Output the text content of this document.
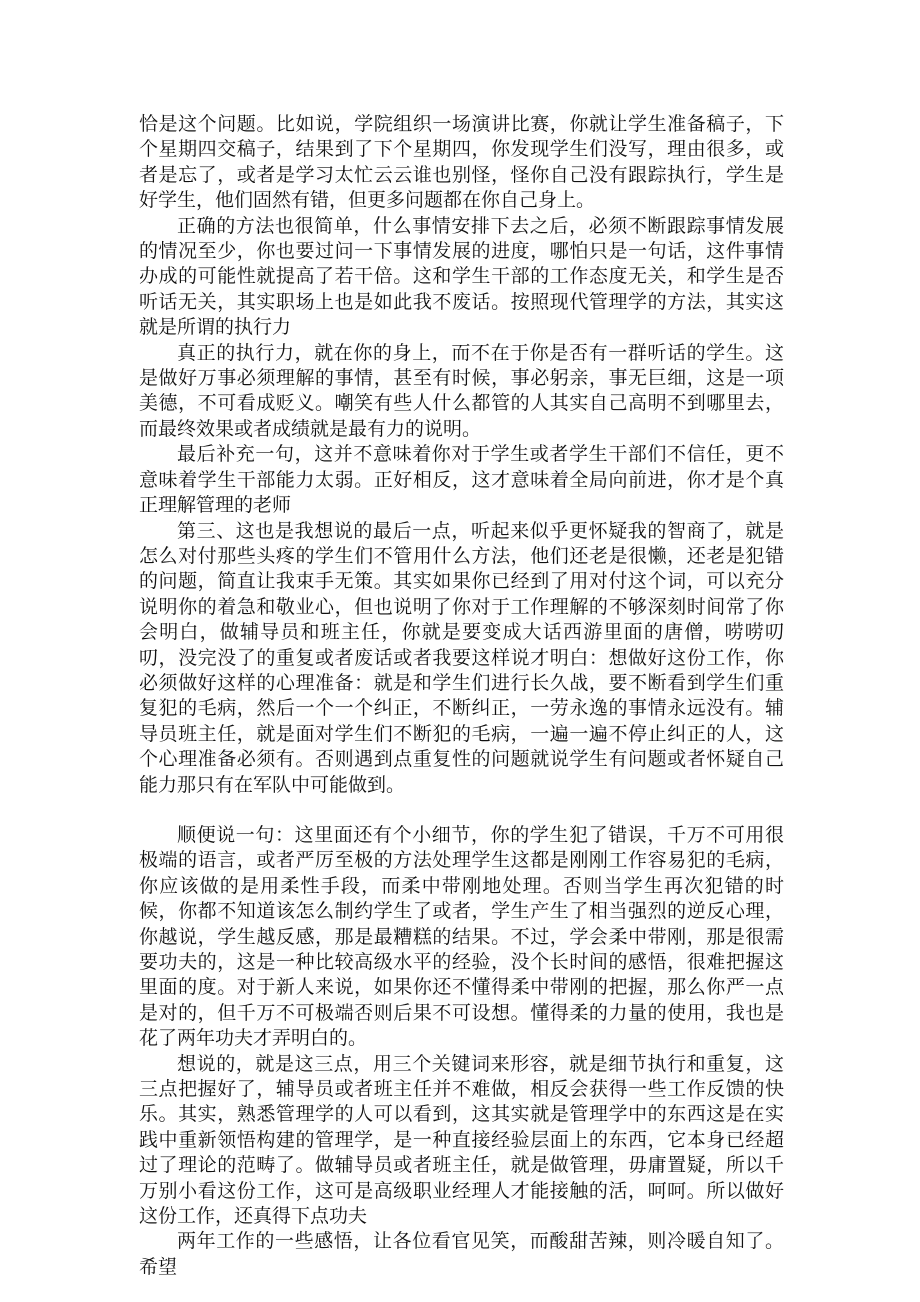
恰是这个问题。比如说，学院组织一场演讲比赛，你就让学生准备稿子，下个星期四交稿子，结果到了下个星期四，你发现学生们没写，理由很多，或者是忘了，或者是学习太忙云云谁也别怪，怪你自己没有跟踪执行，学生是好学生，他们固然有错，但更多问题都在你自己身上。

正确的方法也很简单，什么事情安排下去之后，必须不断跟踪事情发展的情况至少，你也要过问一下事情发展的进度，哪怕只是一句话，这件事情办成的可能性就提高了若干倍。这和学生干部的工作态度无关，和学生是否听话无关，其实职场上也是如此我不废话。按照现代管理学的方法，其实这就是所谓的执行力

真正的执行力，就在你的身上，而不在于你是否有一群听话的学生。这是做好万事必须理解的事情，甚至有时候，事必躬亲，事无巨细，这是一项美德，不可看成贬义。嘲笑有些人什么都管的人其实自己高明不到哪里去，而最终效果或者成绩就是最有力的说明。

最后补充一句，这并不意味着你对于学生或者学生干部们不信任，更不意味着学生干部能力太弱。正好相反，这才意味着全局向前进，你才是个真正理解管理的老师

第三、这也是我想说的最后一点，听起来似乎更怀疑我的智商了，就是怎么对付那些头疼的学生们不管用什么方法，他们还老是很懒，还老是犯错的问题，简直让我束手无策。其实如果你已经到了用对付这个词，可以充分说明你的着急和敬业心，但也说明了你对于工作理解的不够深刻时间常了你会明白，做辅导员和班主任，你就是要变成大话西游里面的唐僧，唠唠叨叨，没完没了的重复或者废话或者我要这样说才明白：想做好这份工作，你必须做好这样的心理准备：就是和学生们进行长久战，要不断看到学生们重复犯的毛病，然后一个一个纠正，不断纠正，一劳永逸的事情永远没有。辅导员班主任，就是面对学生们不断犯的毛病，一遍一遍不停止纠正的人，这个心理准备必须有。否则遇到点重复性的问题就说学生有问题或者怀疑自己能力那只有在军队中可能做到。

顺便说一句：这里面还有个小细节，你的学生犯了错误，千万不可用很极端的语言，或者严厉至极的方法处理学生这都是刚刚工作容易犯的毛病，你应该做的是用柔性手段，而柔中带刚地处理。否则当学生再次犯错的时候，你都不知道该怎么制约学生了或者，学生产生了相当强烈的逆反心理，你越说，学生越反感，那是最糟糕的结果。不过，学会柔中带刚，那是很需要功夫的，这是一种比较高级水平的经验，没个长时间的感悟，很难把握这里面的度。对于新人来说，如果你还不懂得柔中带刚的把握，那么你严一点是对的，但千万不可极端否则后果不可设想。懂得柔的力量的使用，我也是花了两年功夫才弄明白的。

想说的，就是这三点，用三个关键词来形容，就是细节执行和重复，这三点把握好了，辅导员或者班主任并不难做，相反会获得一些工作反馈的快乐。其实，熟悉管理学的人可以看到，这其实就是管理学中的东西这是在实践中重新领悟构建的管理学，是一种直接经验层面上的东西，它本身已经超过了理论的范畴了。做辅导员或者班主任，就是做管理，毋庸置疑，所以千万别小看这份工作，这可是高级职业经理人才能接触的活，呵呵。所以做好这份工作，还真得下点功夫

两年工作的一些感悟，让各位看官见笑，而酸甜苦辣，则冷暖自知了。希望
